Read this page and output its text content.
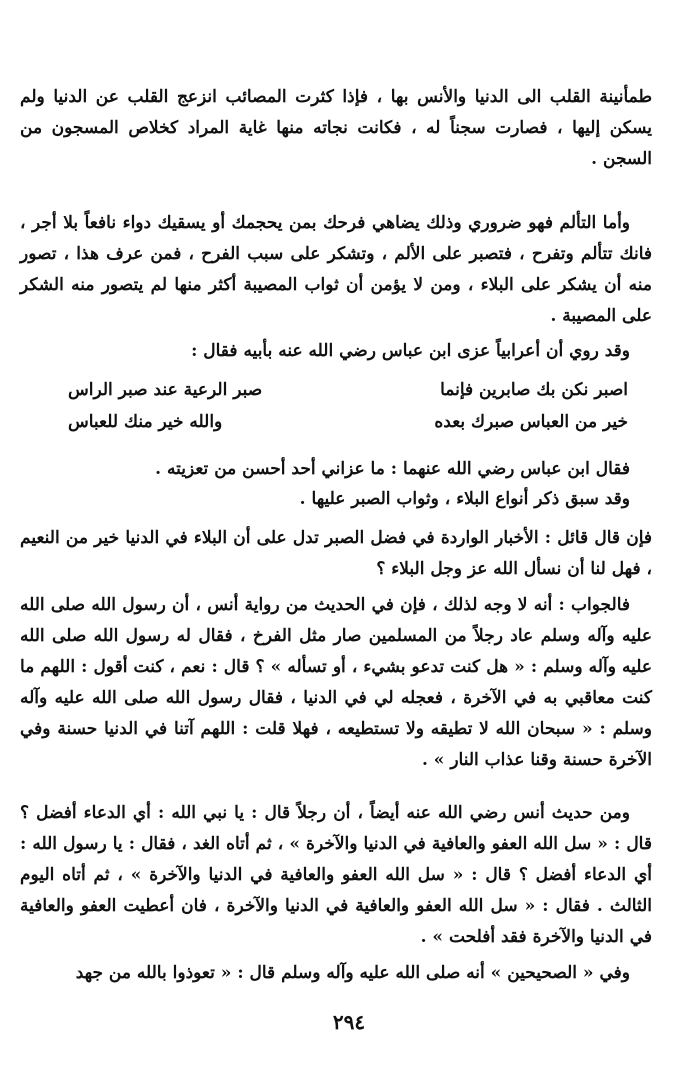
طمأنينة القلب الى الدنيا والأنس بها ، فإذا كثرت المصائب انزعج القلب عن الدنيا ولم يسكن إليها ، فصارت سجناً له ، فكانت نجاته منها غاية المراد كخلاص المسجون من السجن .
وأما التألم فهو ضروري وذلك يضاهي فرحك بمن يحجمك أو يسقيك دواء نافعاً بلا أجر ، فانك تتألم وتفرح ، فتصبر على الألم ، وتشكر على سبب الفرح ، فمن عرف هذا ، تصور منه أن يشكر على البلاء ، ومن لا يؤمن أن ثواب المصيبة أكثر منها لم يتصور منه الشكر على المصيبة .
وقد روي أن أعرابياً عزى ابن عباس رضي الله عنه بأبيه فقال :
اصبر نكن بك صابرين فإنما
صبر الرعية عند صبر الراس
خير من العباس صبرك بعده
والله خير منك للعباس
فقال ابن عباس رضي الله عنهما : ما عزاني أحد أحسن من تعزيته .
وقد سبق ذكر أنواع البلاء ، وثواب الصبر عليها .
فإن قال قائل : الأخبار الواردة في فضل الصبر تدل على أن البلاء في الدنيا خير من النعيم ، فهل لنا أن نسأل الله عز وجل البلاء ؟
فالجواب : أنه لا وجه لذلك ، فإن في الحديث من رواية أنس ، أن رسول الله صلى الله عليه وآله وسلم عاد رجلاً من المسلمين صار مثل الفرخ ، فقال له رسول الله صلى الله عليه وآله وسلم : « هل كنت تدعو بشيء ، أو تسأله » ؟ قال : نعم ، كنت أقول : اللهم ما كنت معاقبي به في الآخرة ، فعجله لي في الدنيا ، فقال رسول الله صلى الله عليه وآله وسلم : « سبحان الله لا تطيقه ولا تستطيعه ، فهلا قلت : اللهم آتنا في الدنيا حسنة وفي الآخرة حسنة وقنا عذاب النار » .
ومن حديث أنس رضي الله عنه أيضاً ، أن رجلاً قال : يا نبي الله : أي الدعاء أفضل ؟ قال : « سل الله العفو والعافية في الدنيا والآخرة » ، ثم أتاه الغد ، فقال : يا رسول الله : أي الدعاء أفضل ؟ قال : « سل الله العفو والعافية في الدنيا والآخرة » ، ثم أتاه اليوم الثالث . فقال : « سل الله العفو والعافية في الدنيا والآخرة ، فان أعطيت العفو والعافية في الدنيا والآخرة فقد أفلحت » .
وفي « الصحيحين » أنه صلى الله عليه وآله وسلم قال : « تعوذوا بالله من جهد
٢٩٤
